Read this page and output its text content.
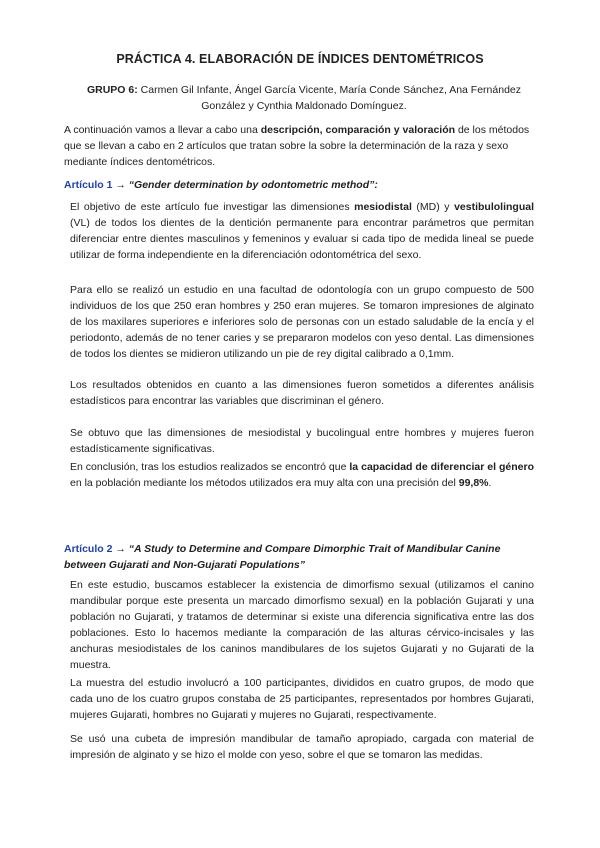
PRÁCTICA 4. ELABORACIÓN DE ÍNDICES DENTOMÉTRICOS
GRUPO 6: Carmen Gil Infante, Ángel García Vicente, María Conde Sánchez, Ana Fernández González y Cynthia Maldonado Domínguez.
A continuación vamos a llevar a cabo una descripción, comparación y valoración de los métodos que se llevan a cabo en 2 artículos que tratan sobre la sobre la determinación de la raza y sexo mediante índices dentométricos.
Artículo 1 → “Gender determination by odontometric method”:
El objetivo de este artículo fue investigar las dimensiones mesiodistal (MD) y vestibulolingual (VL) de todos los dientes de la dentición permanente para encontrar parámetros que permitan diferenciar entre dientes masculinos y femeninos y evaluar si cada tipo de medida lineal se puede utilizar de forma independiente en la diferenciación odontométrica del sexo.
Para ello se realizó un estudio en una facultad de odontología con un grupo compuesto de 500 individuos de los que 250 eran hombres y 250 eran mujeres. Se tomaron impresiones de alginato de los maxilares superiores e inferiores solo de personas con un estado saludable de la encía y el periodonto, además de no tener caries y se prepararon modelos con yeso dental. Las dimensiones de todos los dientes se midieron utilizando un pie de rey digital calibrado a 0,1mm.
Los resultados obtenidos en cuanto a las dimensiones fueron sometidos a diferentes análisis estadísticos para encontrar las variables que discriminan el género.
Se obtuvo que las dimensiones de mesiodistal y bucolingual entre hombres y mujeres fueron estadísticamente significativas.
En conclusión, tras los estudios realizados se encontró que la capacidad de diferenciar el género en la población mediante los métodos utilizados era muy alta con una precisión del 99,8%.
Artículo 2 → “A Study to Determine and Compare Dimorphic Trait of Mandibular Canine between Gujarati and Non-Gujarati Populations”
En este estudio, buscamos establecer la existencia de dimorfismo sexual (utilizamos el canino mandibular porque este presenta un marcado dimorfismo sexual) en la población Gujarati y una población no Gujarati, y tratamos de determinar si existe una diferencia significativa entre las dos poblaciones. Esto lo hacemos mediante la comparación de las alturas cérvico-incisales y las anchuras mesiodistales de los caninos mandibulares de los sujetos Gujarati y no Gujarati de la muestra.
La muestra del estudio involucró a 100 participantes, divididos en cuatro grupos, de modo que cada uno de los cuatro grupos constaba de 25 participantes, representados por hombres Gujarati, mujeres Gujarati, hombres no Gujarati y mujeres no Gujarati, respectivamente.
Se usó una cubeta de impresión mandibular de tamaño apropiado, cargada con material de impresión de alginato y se hizo el molde con yeso, sobre el que se tomaron las medidas.
